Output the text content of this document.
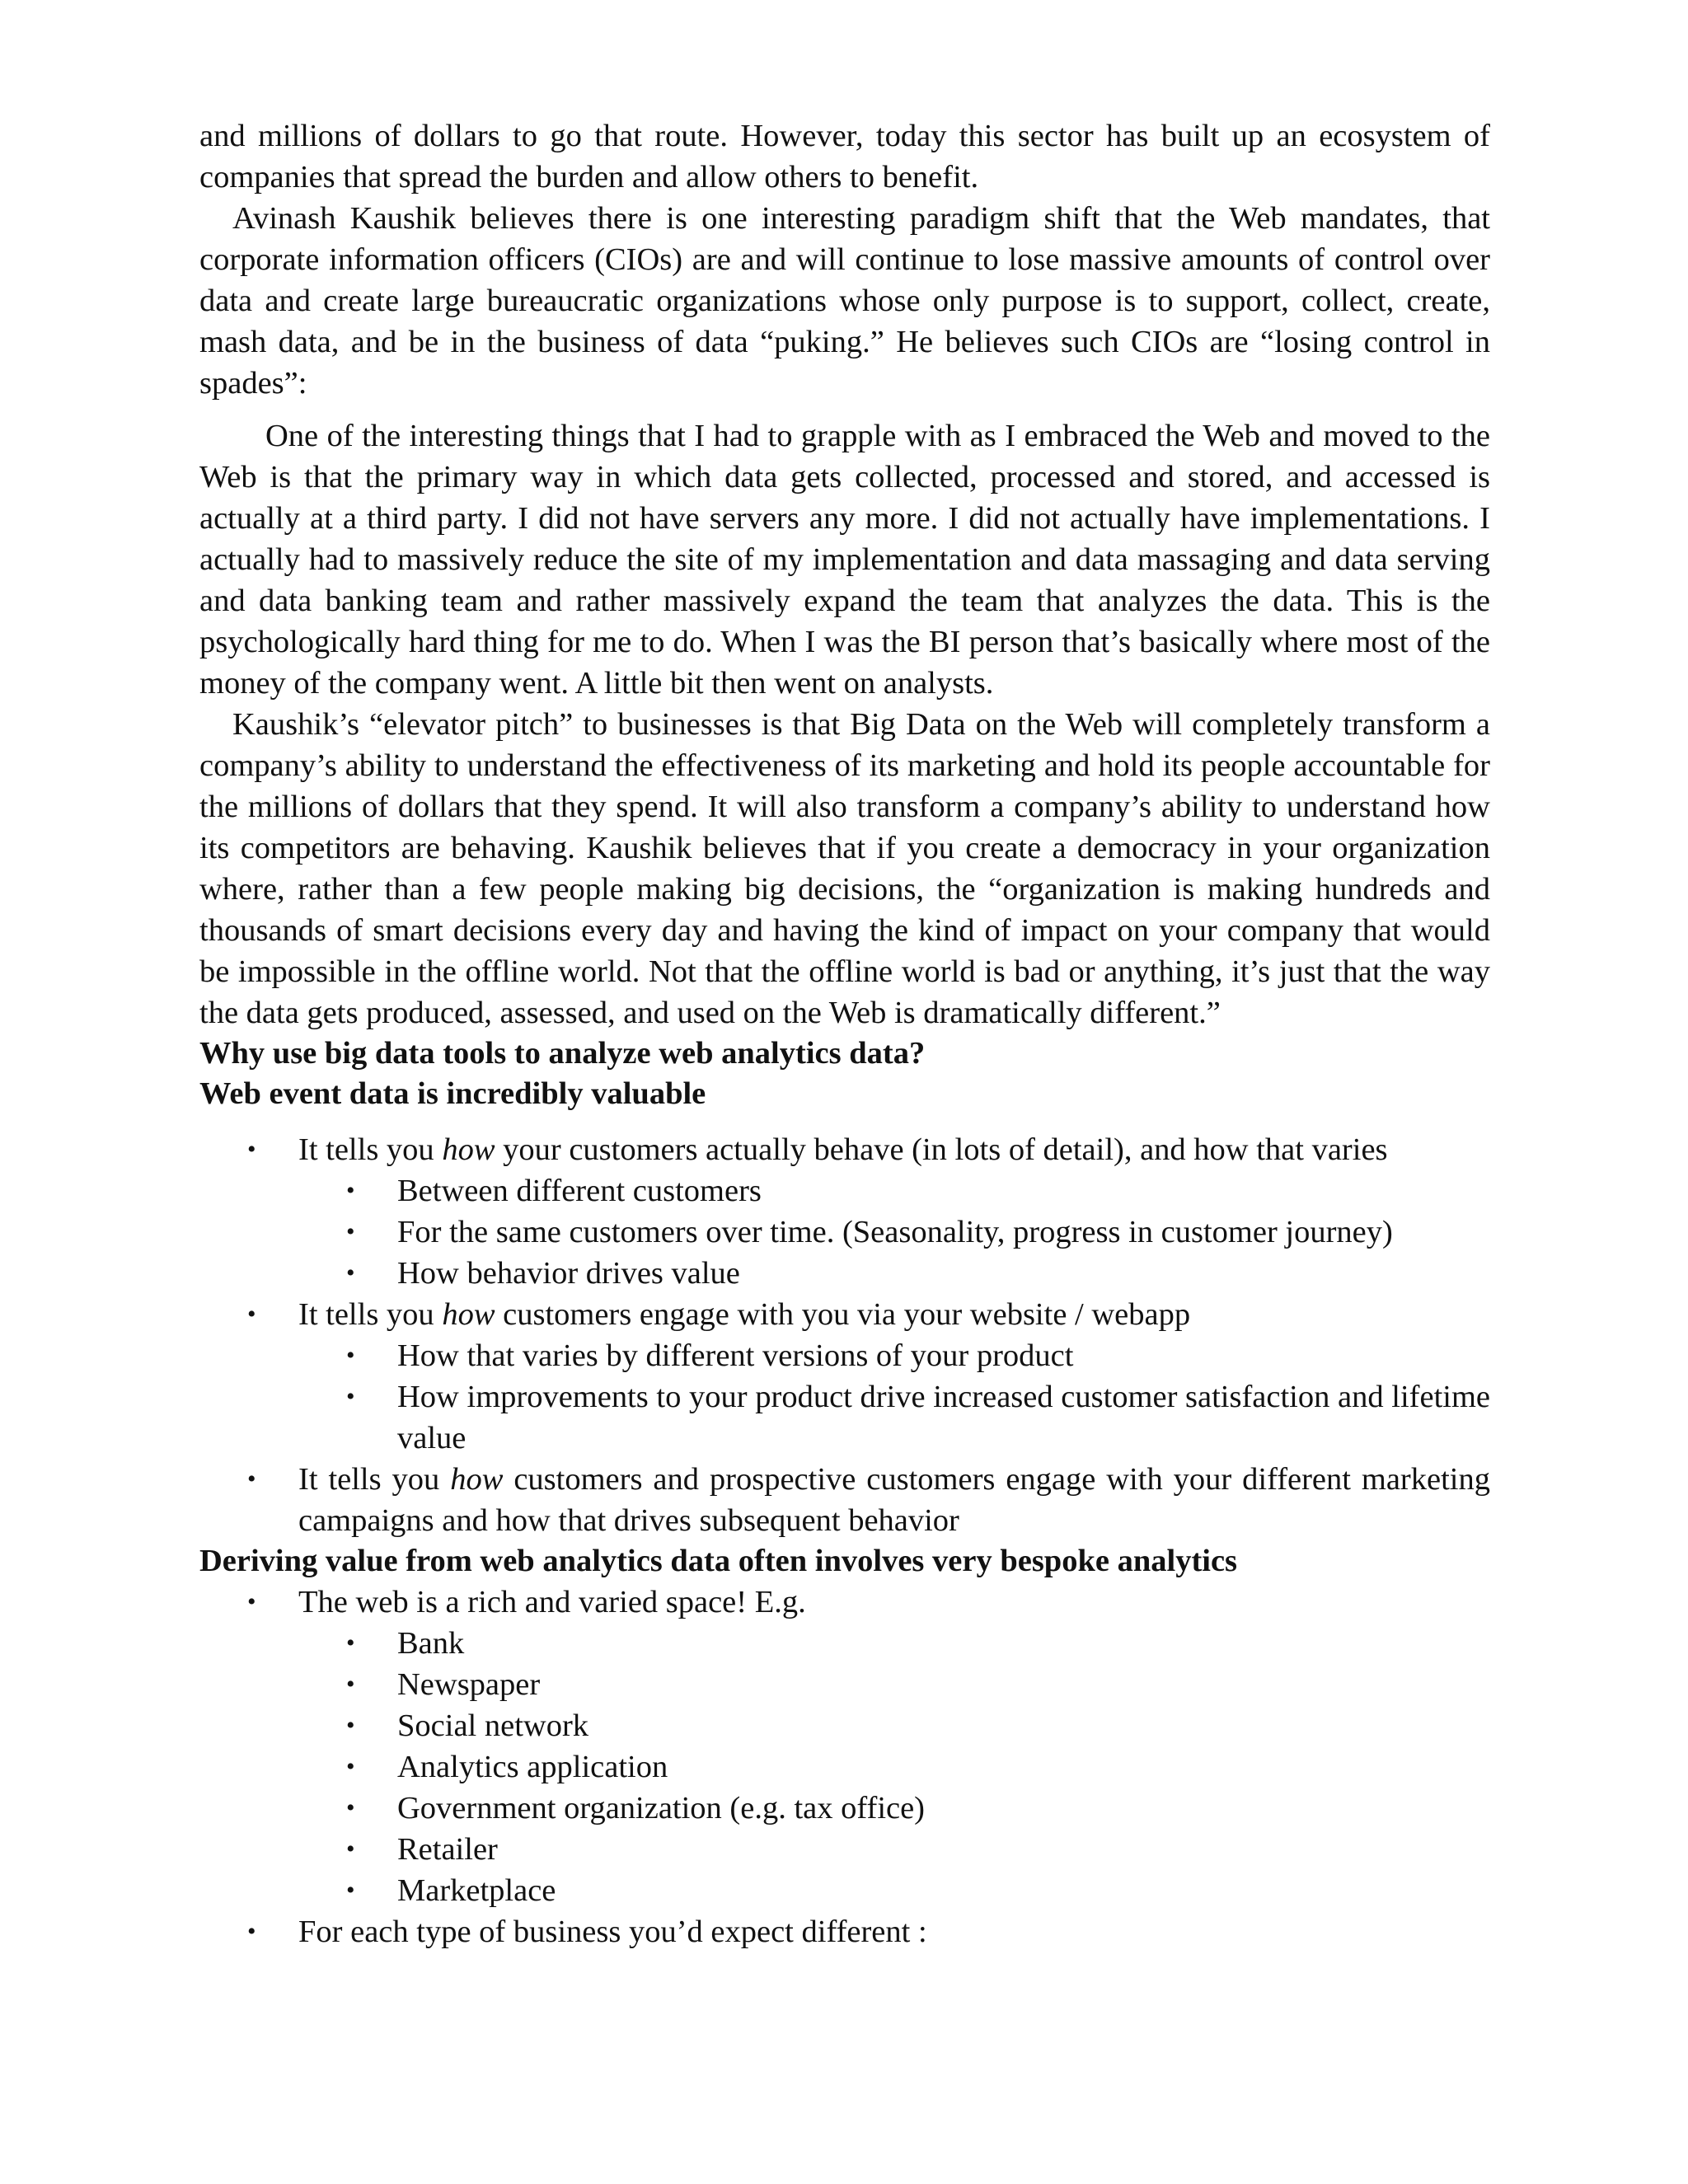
and millions of dollars to go that route. However, today this sector has built up an ecosystem of companies that spread the burden and allow others to benefit.

Avinash Kaushik believes there is one interesting paradigm shift that the Web mandates, that corporate information officers (CIOs) are and will continue to lose massive amounts of control over data and create large bureaucratic organizations whose only purpose is to support, collect, create, mash data, and be in the business of data “puking.” He believes such CIOs are “losing control in spades”:

One of the interesting things that I had to grapple with as I embraced the Web and moved to the Web is that the primary way in which data gets collected, processed and stored, and accessed is actually at a third party. I did not have servers any more. I did not actually have implementations. I actually had to massively reduce the site of my implementation and data massaging and data serving and data banking team and rather massively expand the team that analyzes the data. This is the psychologically hard thing for me to do. When I was the BI person that’s basically where most of the money of the company went. A little bit then went on analysts.

Kaushik’s “elevator pitch” to businesses is that Big Data on the Web will completely transform a company’s ability to understand the effectiveness of its marketing and hold its people accountable for the millions of dollars that they spend. It will also transform a company’s ability to understand how its competitors are behaving. Kaushik believes that if you create a democracy in your organization where, rather than a few people making big decisions, the “organization is making hundreds and thousands of smart decisions every day and having the kind of impact on your company that would be impossible in the offline world. Not that the offline world is bad or anything, it’s just that the way the data gets produced, assessed, and used on the Web is dramatically different.”

Why use big data tools to analyze web analytics data?

Web event data is incredibly valuable

• It tells you how your customers actually behave (in lots of detail), and how that varies
• Between different customers
• For the same customers over time. (Seasonality, progress in customer journey)
• How behavior drives value
• It tells you how customers engage with you via your website / webapp
• How that varies by different versions of your product
• How improvements to your product drive increased customer satisfaction and lifetime value
• It tells you how customers and prospective customers engage with your different marketing campaigns and how that drives subsequent behavior

Deriving value from web analytics data often involves very bespoke analytics

• The web is a rich and varied space! E.g.
• Bank
• Newspaper
• Social network
• Analytics application
• Government organization (e.g. tax office)
• Retailer
• Marketplace
• For each type of business you’d expect different :
